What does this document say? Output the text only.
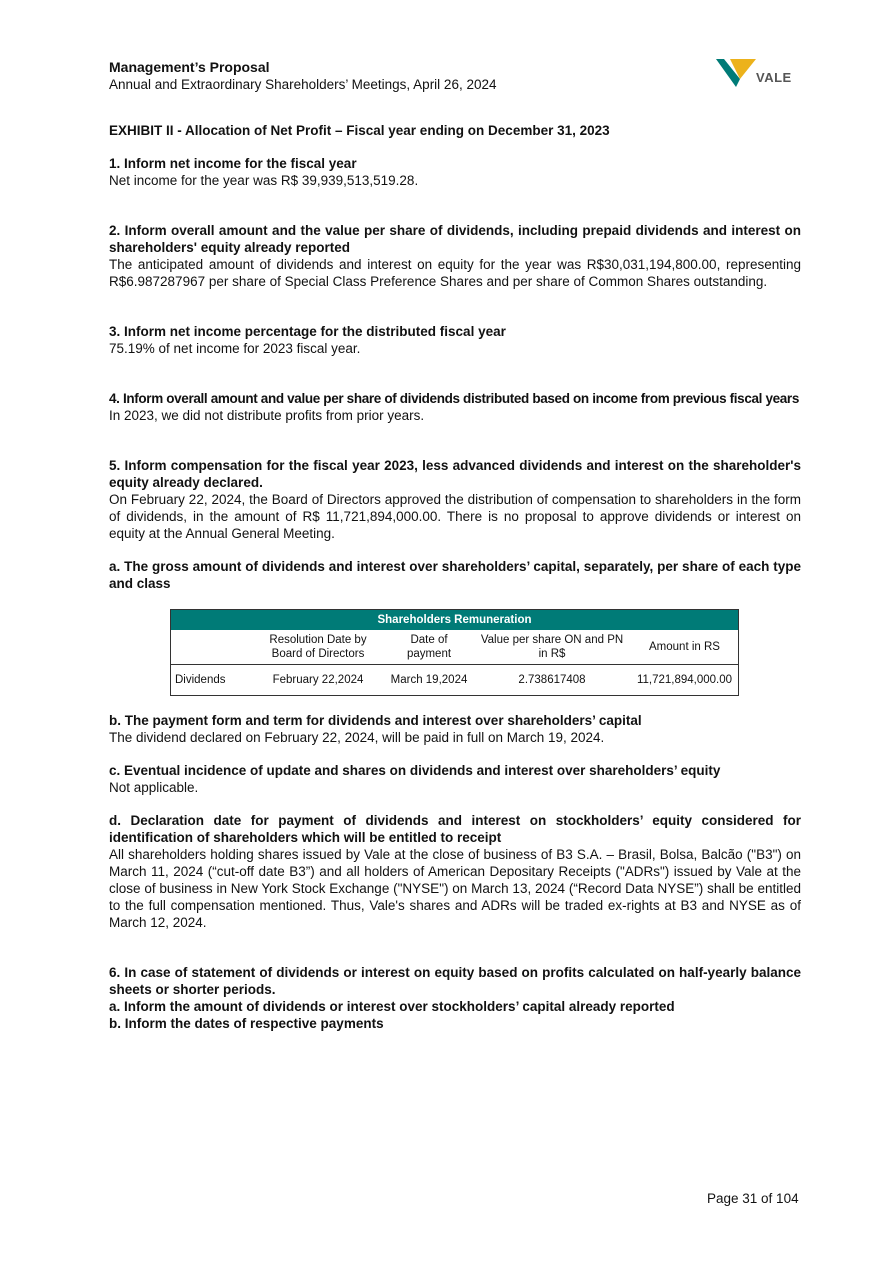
Management’s Proposal
Annual and Extraordinary Shareholders’ Meetings, April 26, 2024	VALE

EXHIBIT II - Allocation of Net Profit – Fiscal year ending on December 31, 2023

1. Inform net income for the fiscal year

Net income for the year was R$ 39,939,513,519.28.

2. Inform overall amount and the value per share of dividends, including prepaid dividends and interest on shareholders' equity already reported

The anticipated amount of dividends and interest on equity for the year was R$30,031,194,800.00, representing R$6.987287967 per share of Special Class Preference Shares and per share of Common Shares outstanding.

3. Inform net income percentage for the distributed fiscal year

75.19% of net income for 2023 fiscal year.

4. Inform overall amount and value per share of dividends distributed based on income from previous fiscal years

In 2023, we did not distribute profits from prior years.

5. Inform compensation for the fiscal year 2023, less advanced dividends and interest on the shareholder's equity already declared.

On February 22, 2024, the Board of Directors approved the distribution of compensation to shareholders in the form of dividends, in the amount of R$ 11,721,894,000.00. There is no proposal to approve dividends or interest on equity at the Annual General Meeting.

a. The gross amount of dividends and interest over shareholders’ capital, separately, per share of each type and class

Shareholders Remuneration				
	Resolution Date by Board of Directors	Date of payment	Value per share ON and PN in R$	Amount in RS
Dividends	February 22,2024	March 19,2024	2.738617408	11,721,894,000.00

b. The payment form and term for dividends and interest over shareholders’ capital

The dividend declared on February 22, 2024, will be paid in full on March 19, 2024.

c. Eventual incidence of update and shares on dividends and interest over shareholders’ equity

Not applicable.

d. Declaration date for payment of dividends and interest on stockholders’ equity considered for identification of shareholders which will be entitled to receipt

All shareholders holding shares issued by Vale at the close of business of B3 S.A. – Brasil, Bolsa, Balcão ("B3") on March 11, 2024 (“cut-off date B3”) and all holders of American Depositary Receipts ("ADRs") issued by Vale at the close of business in New York Stock Exchange ("NYSE") on March 13, 2024 (“Record Data NYSE”) shall be entitled to the full compensation mentioned. Thus, Vale's shares and ADRs will be traded ex-rights at B3 and NYSE as of March 12, 2024.

6. In case of statement of dividends or interest on equity based on profits calculated on half-yearly balance sheets or shorter periods.

a. Inform the amount of dividends or interest over stockholders’ capital already reported

b. Inform the dates of respective payments

Page 31 of 104
